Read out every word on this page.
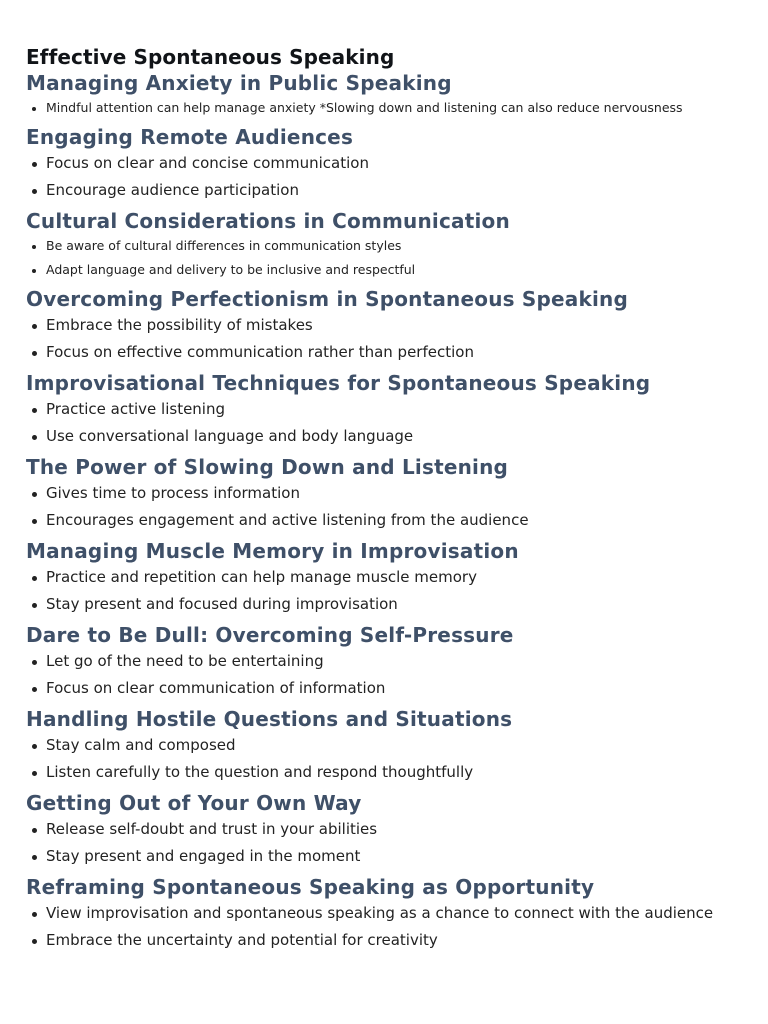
Effective Spontaneous Speaking
Managing Anxiety in Public Speaking
Mindful attention can help manage anxiety *Slowing down and listening can also reduce nervousness
Engaging Remote Audiences
Focus on clear and concise communication
Encourage audience participation
Cultural Considerations in Communication
Be aware of cultural differences in communication styles
Adapt language and delivery to be inclusive and respectful
Overcoming Perfectionism in Spontaneous Speaking
Embrace the possibility of mistakes
Focus on effective communication rather than perfection
Improvisational Techniques for Spontaneous Speaking
Practice active listening
Use conversational language and body language
The Power of Slowing Down and Listening
Gives time to process information
Encourages engagement and active listening from the audience
Managing Muscle Memory in Improvisation
Practice and repetition can help manage muscle memory
Stay present and focused during improvisation
Dare to Be Dull: Overcoming Self-Pressure
Let go of the need to be entertaining
Focus on clear communication of information
Handling Hostile Questions and Situations
Stay calm and composed
Listen carefully to the question and respond thoughtfully
Getting Out of Your Own Way
Release self-doubt and trust in your abilities
Stay present and engaged in the moment
Reframing Spontaneous Speaking as Opportunity
View improvisation and spontaneous speaking as a chance to connect with the audience
Embrace the uncertainty and potential for creativity
